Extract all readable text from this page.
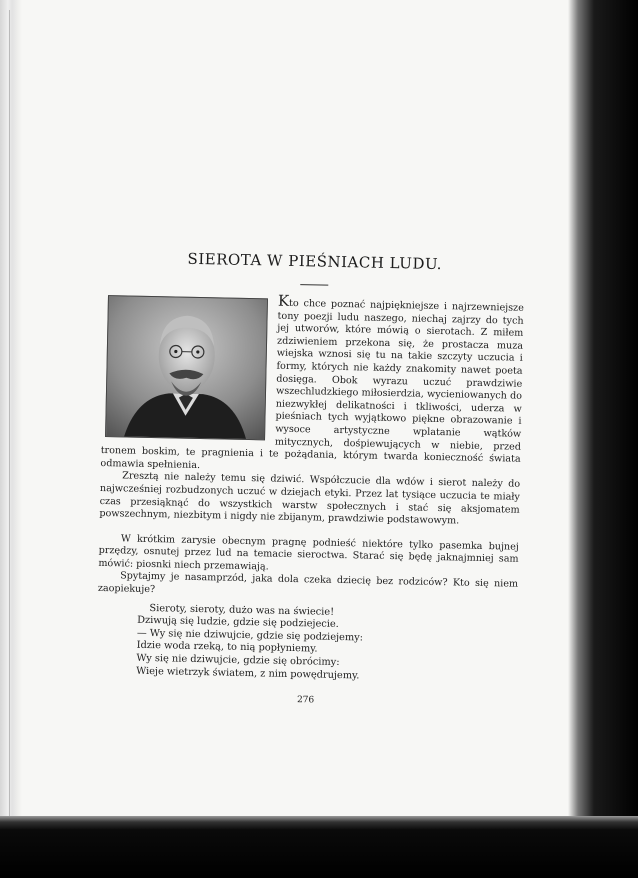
SIEROTA W PIEŚNIACH LUDU.

Kto chce poznać najpiękniejsze i najrzewniejsze tony poezji ludu naszego, niechaj zajrzy do tych jej utworów, które mówią o sierotach. Z miłem zdziwieniem przekona się, że prostacza muza wiejska wznosi się tu na takie szczyty uczucia i formy, których nie każdy znakomity nawet poeta dosięga. Obok wyrazu uczuć prawdziwie wszechludzkiego miłosierdzia, wycieniowanych do niezwykłej delikatności i tkliwości, uderza w pieśniach tych wyjątkowo piękne obrazowanie i wysoce artystyczne wplatanie wątków mitycznych, dośpiewujących w niebie, przed tronem boskim, te pragnienia i te pożądania, którym twarda konieczność świata odmawia spełnienia.

Zresztą nie należy temu się dziwić. Współczucie dla wdów i sierot należy do najwcześniej rozbudzonych uczuć w dziejach etyki. Przez lat tysiące uczucia te miały czas przesiąknąć do wszystkich warstw społecznych i stać się aksjomatem powszechnym, niezbitym i nigdy nie zbijanym, prawdziwie podstawowym.

W krótkim zarysie obecnym pragnę podnieść niektóre tylko pasemka bujnej przędzy, osnutej przez lud na temacie sieroctwa. Starać się będę jaknajmniej sam mówić: piosnki niech przemawiają.

Spytajmy je nasamprzód, jaka dola czeka dziecię bez rodziców? Kto się niem zaopiekuje?

Sieroty, sieroty, dużo was na świecie!
Dziwują się ludzie, gdzie się podziejecie.
— Wy się nie dziwujcie, gdzie się podziejemy:
Idzie woda rzeką, to nią popłyniemy.
Wy się nie dziwujcie, gdzie się obrócimy:
Wieje wietrzyk światem, z nim powędrujemy.
276
